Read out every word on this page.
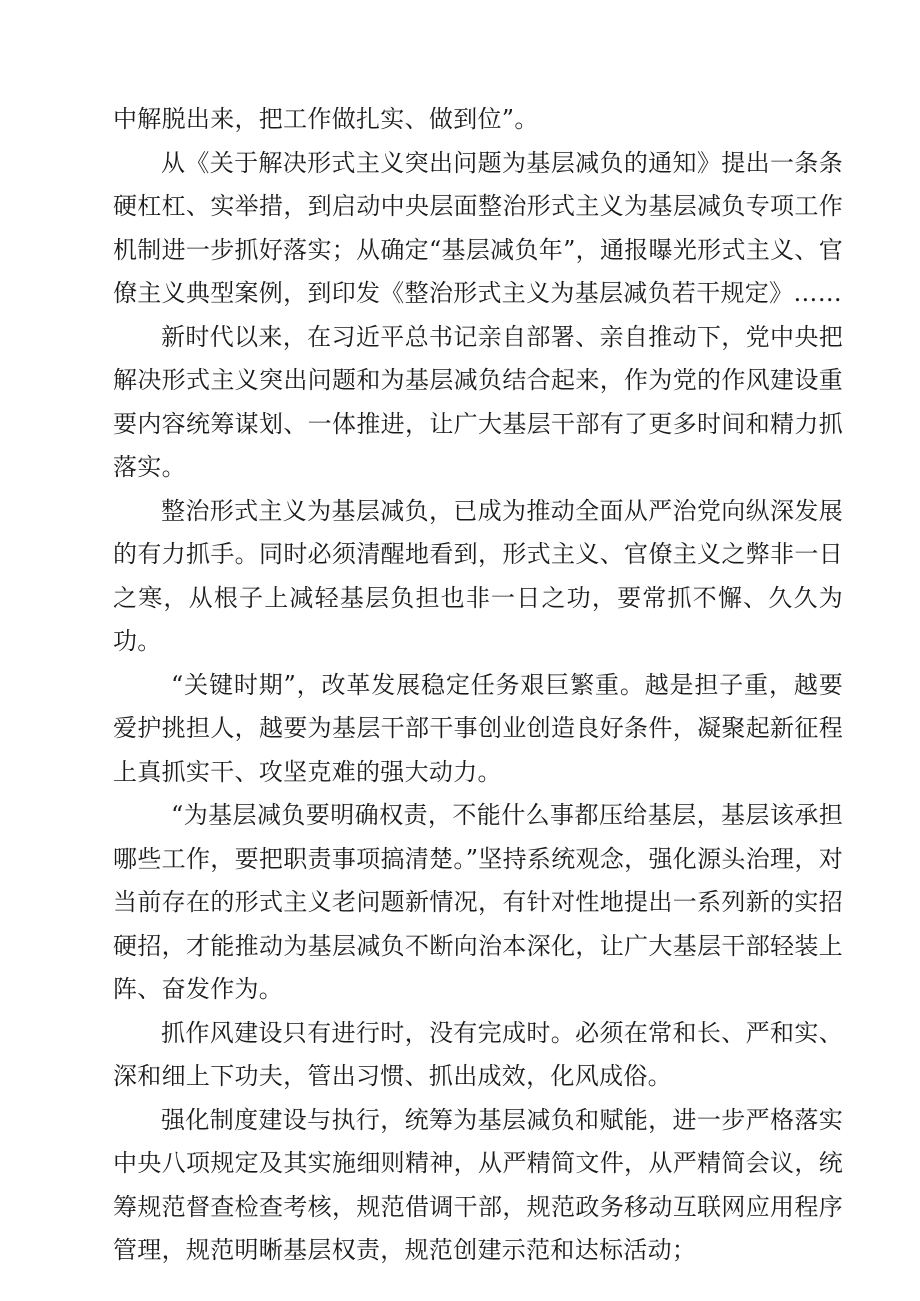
中解脱出来，把工作做扎实、做到位”。

从《关于解决形式主义突出问题为基层减负的通知》提出一条条硬杠杠、实举措，到启动中央层面整治形式主义为基层减负专项工作机制进一步抓好落实；从确定“基层减负年”，通报曝光形式主义、官僚主义典型案例，到印发《整治形式主义为基层减负若干规定》……

新时代以来，在习近平总书记亲自部署、亲自推动下，党中央把解决形式主义突出问题和为基层减负结合起来，作为党的作风建设重要内容统筹谋划、一体推进，让广大基层干部有了更多时间和精力抓落实。

整治形式主义为基层减负，已成为推动全面从严治党向纵深发展的有力抓手。同时必须清醒地看到，形式主义、官僚主义之弊非一日之寒，从根子上减轻基层负担也非一日之功，要常抓不懈、久久为功。

“关键时期”，改革发展稳定任务艰巨繁重。越是担子重，越要爱护挑担人，越要为基层干部干事创业创造良好条件，凝聚起新征程上真抓实干、攻坚克难的强大动力。

“为基层减负要明确权责，不能什么事都压给基层，基层该承担哪些工作，要把职责事项搞清楚。”坚持系统观念，强化源头治理，对当前存在的形式主义老问题新情况，有针对性地提出一系列新的实招硬招，才能推动为基层减负不断向治本深化，让广大基层干部轻装上阵、奋发作为。

抓作风建设只有进行时，没有完成时。必须在常和长、严和实、深和细上下功夫，管出习惯、抓出成效，化风成俗。

强化制度建设与执行，统筹为基层减负和赋能，进一步严格落实中央八项规定及其实施细则精神，从严精简文件，从严精简会议，统筹规范督查检查考核，规范借调干部，规范政务移动互联网应用程序管理，规范明晰基层权责，规范创建示范和达标活动；
